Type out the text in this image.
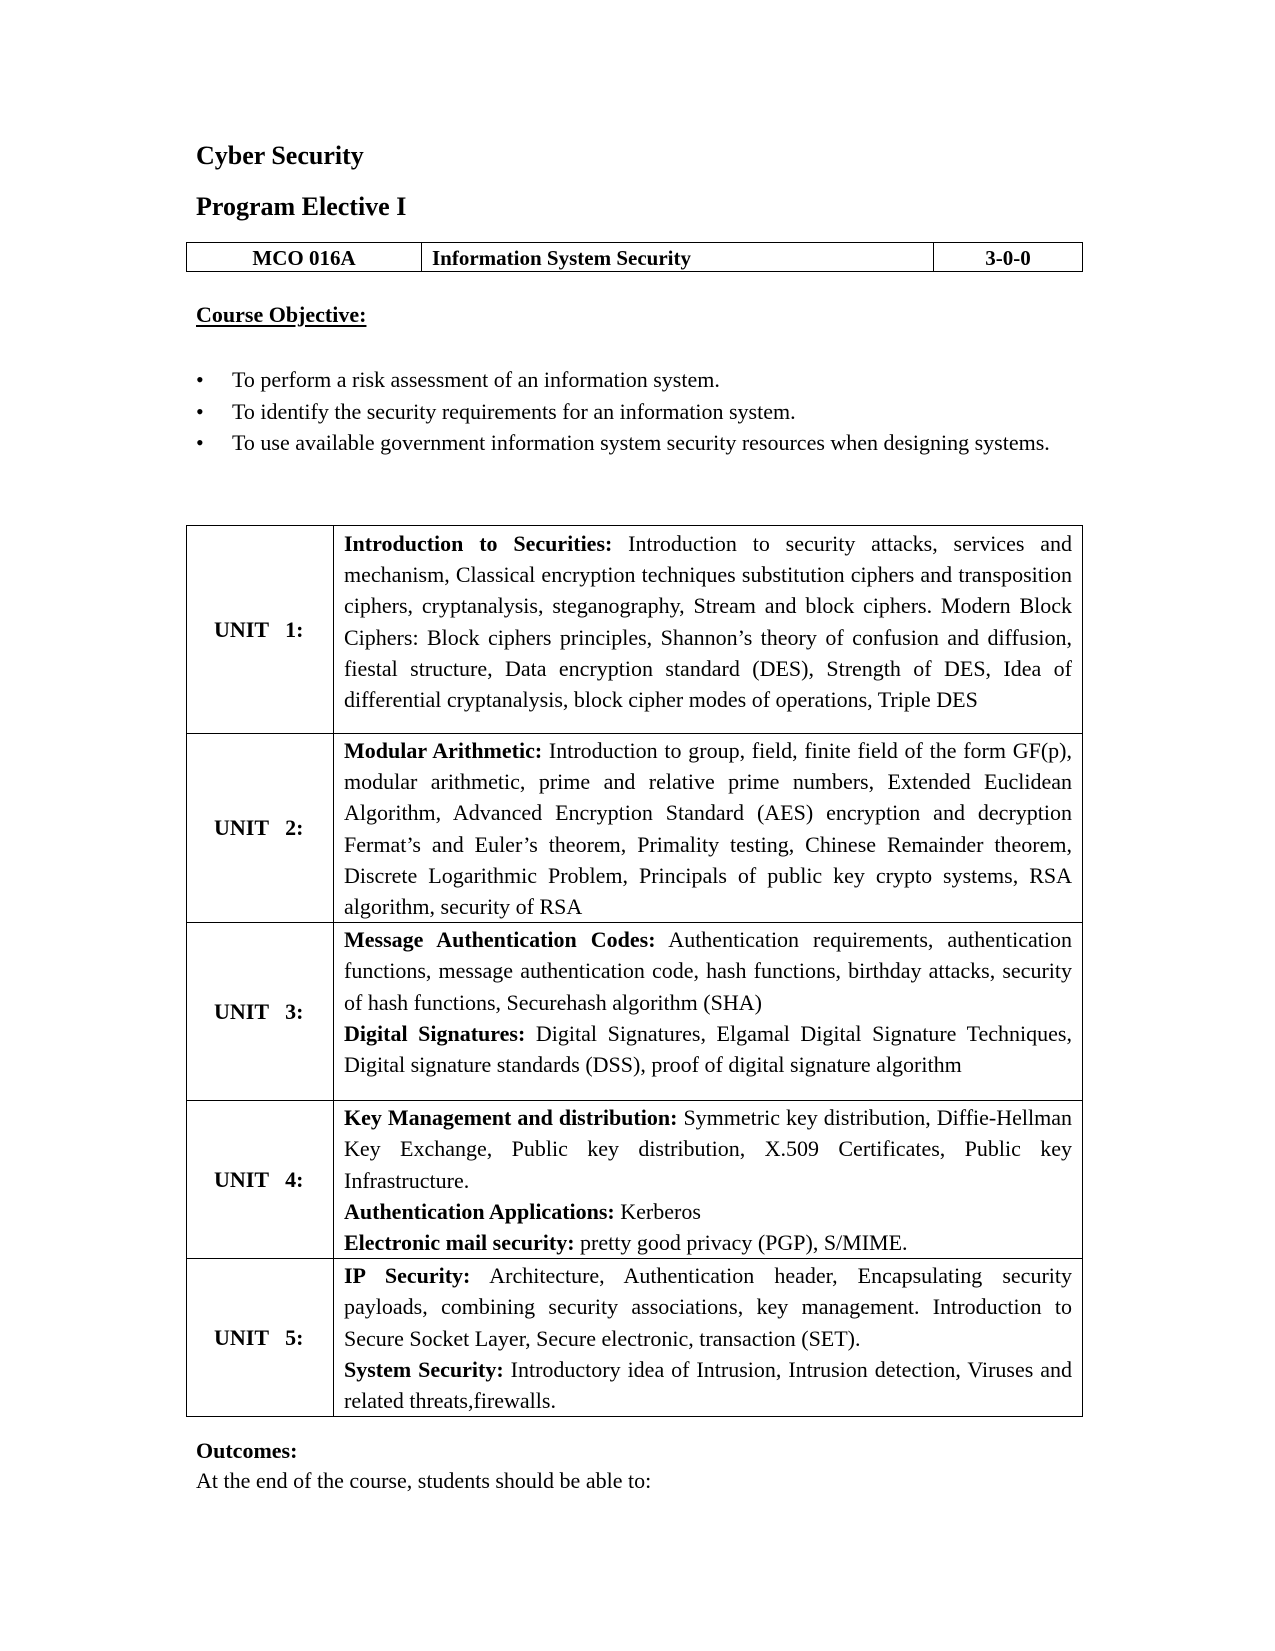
Cyber Security
Program Elective I
MCO 016A	Information System Security	3-0-0
Course Objective:
• To perform a risk assessment of an information system.
• To identify the security requirements for an information system.
• To use available government information system security resources when designing systems.
UNIT   1:	Introduction to Securities: Introduction to security attacks, services and mechanism, Classical encryption techniques substitution ciphers and transposition ciphers, cryptanalysis, steganography, Stream and block ciphers. Modern Block Ciphers: Block ciphers principles, Shannon’s theory of confusion and diffusion, fiestal structure, Data encryption standard (DES), Strength of DES, Idea of differential cryptanalysis, block cipher modes of operations, Triple DES

UNIT   2:	Modular Arithmetic: Introduction to group, field, finite field of the form GF(p), modular arithmetic, prime and relative prime numbers, Extended Euclidean Algorithm, Advanced Encryption Standard (AES) encryption and decryption Fermat’s and Euler’s theorem, Primality testing, Chinese Remainder theorem, Discrete Logarithmic Problem, Principals of public key crypto systems, RSA algorithm, security of RSA

UNIT   3:	Message Authentication Codes: Authentication requirements, authentication functions, message authentication code, hash functions, birthday attacks, security of hash functions, Securehash algorithm (SHA)

Digital Signatures: Digital Signatures, Elgamal Digital Signature Techniques, Digital signature standards (DSS), proof of digital signature algorithm

UNIT   4:	Key Management and distribution: Symmetric key distribution, Diffie-Hellman Key Exchange, Public key distribution, X.509 Certificates, Public key Infrastructure.

Authentication Applications: Kerberos

Electronic mail security: pretty good privacy (PGP), S/MIME.

UNIT   5:	IP Security: Architecture, Authentication header, Encapsulating security payloads, combining security associations, key management. Introduction to Secure Socket Layer, Secure electronic, transaction (SET).

System Security: Introductory idea of Intrusion, Intrusion detection, Viruses and related threats,firewalls.

Outcomes:
At the end of the course, students should be able to:
